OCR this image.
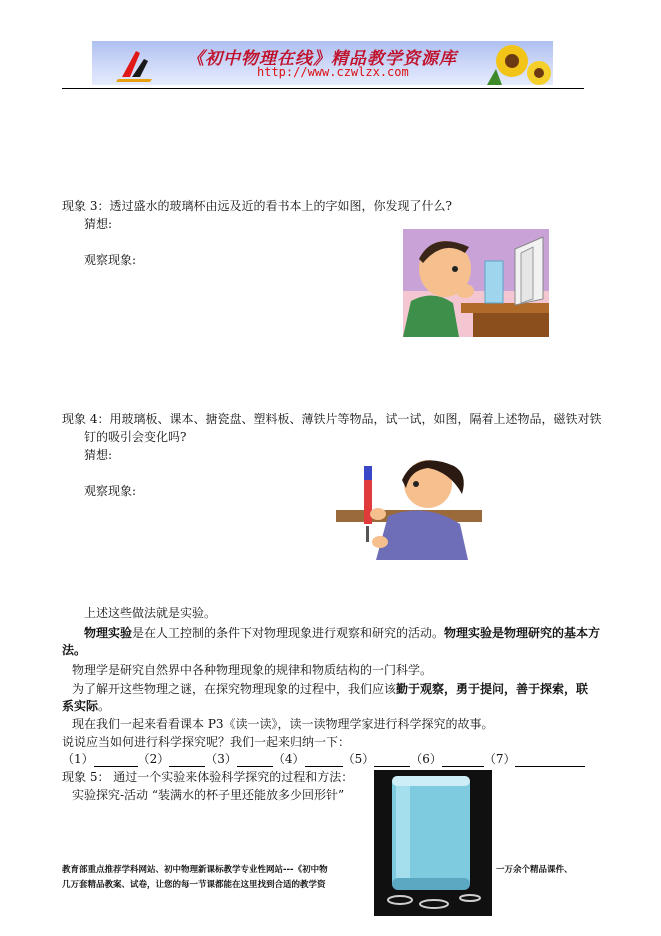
《初中物理在线》精品教学资源库
http://www.czwlzx.com
现象 3：透过盛水的玻璃杯由远及近的看书本上的字如图，你发现了什么?
猜想:
观察现象:
现象 4：用玻璃板、课本、搪瓷盘、塑料板、薄铁片等物品，试一试，如图，隔着上述物品，磁铁对铁
钉的吸引会变化吗?
猜想:
观察现象:
上述这些做法就是实验。
物理实验是在人工控制的条件下对物理现象进行观察和研究的活动。物理实验是物理研究的基本方
法。
物理学是研究自然界中各种物理现象的规律和物质结构的一门科学。
为了解开这些物理之谜，在探究物理现象的过程中，我们应该勤于观察，勇于提问，善于探索，联
系实际。
现在我们一起来看看课本 P3《读一读》，读一读物理学家进行科学探究的故事。
说说应当如何进行科学探究呢？我们一起来归纳一下：
（1）	（2）	（3）	（4）	（5）	（6）	（7）
现象 5： 通过一个实验来体验科学探究的过程和方法：
实验探究-活动 “装满水的杯子里还能放多少回形针”
教育部重点推荐学科网站、初中物理新课标教学专业性网站---《初中物	一万余个精品课件、
几万套精品教案、试卷，让您的每一节课都能在这里找到合适的教学资
